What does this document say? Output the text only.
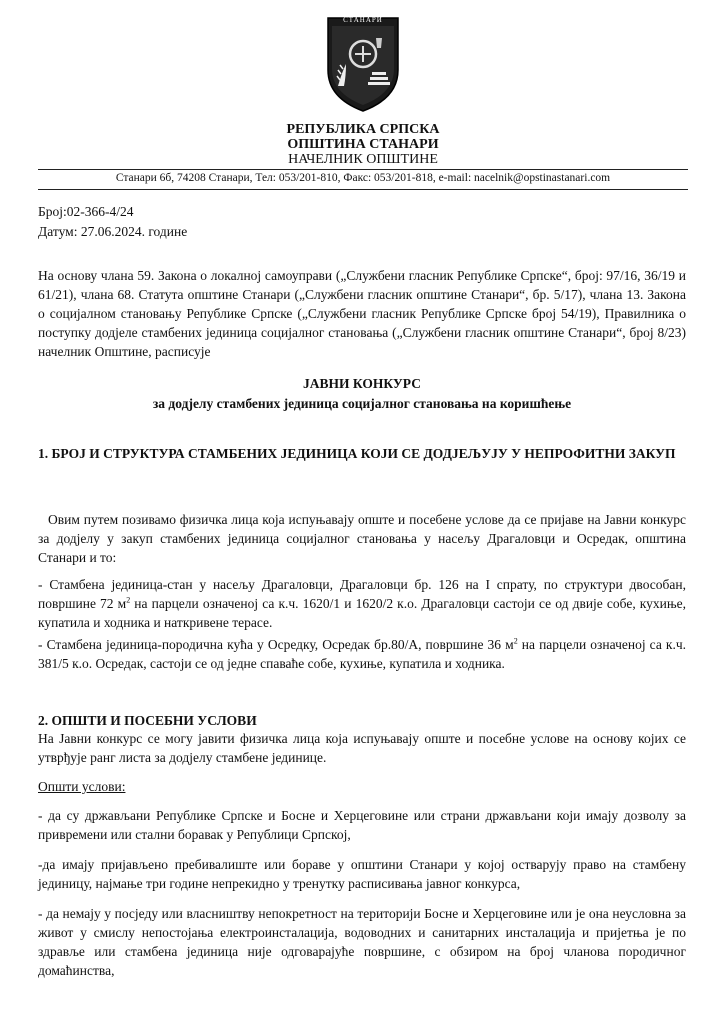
СТАНАРИ
РЕПУБЛИКА СРПСКА
ОПШТИНА СТАНАРИ
НАЧЕЛНИК ОПШТИНЕ
Станари 6б, 74208 Станари, Тел: 053/201-810, Факс: 053/201-818, e-mail: nacelnik@opstinastanari.com
Број:02-366-4/24
Датум: 27.06.2024. године

На основу члана 59. Закона о локалној самоуправи („Службени гласник Републике Српске“, број: 97/16, 36/19 и 61/21), члана 68. Статута општине Станари („Службени гласник општине Станари“, бр. 5/17), члана 13. Закона о социјалном становању Републике Српске („Службени гласник Републике Српске број 54/19), Правилника о поступку додјеле стамбених јединица социјалног становања („Службени гласник општине Станари“, број 8/23) начелник Општине, расписује

ЈАВНИ КОНКУРС
за додјелу стамбених јединица социјалног становања на коришћење
1. БРОЈ И СТРУКТУРА СТАМБЕНИХ ЈЕДИНИЦА КОЈИ СЕ ДОДЈЕЉУЈУ У НЕПРОФИТНИ ЗАКУП
Овим путем позивамо физичка лица која испуњавају опште и посебене услове да се пријаве на Јавни конкурс за додјелу у закуп стамбених јединица социјалног становања у насељу Драгаловци и Осредак, општина Станари и то:
- Стамбена јединица-стан у насељу Драгаловци, Драгаловци бр. 126 на I спрату, по структури двособан, површине 72 $м^2$ на парцели означеној са к.ч. 1620/1 и 1620/2 к.о. Драгаловци састоји се од двије собе, кухиње, купатила и ходника и наткривене терасе.
- Стамбена јединица-породична кућа у Осредку, Осредак бр.80/А, површине 36 $м^2$ на парцели означеној са к.ч. 381/5 к.о. Осредак, састоји се од једне спаваће собе, кухиње, купатила и ходника.
2. ОПШТИ И ПОСЕБНИ УСЛОВИ
На Јавни конкурс се могу јавити физичка лица која испуњавају опште и посебне услове на основу којих се утврђује ранг листа за додјелу стамбене јединице.
Општи услови:
- да су држављани Републике Српске и Босне и Херцеговине или страни држављани који имају дозволу за привремени или стални боравак у Републици Српској,
-да имају пријављено пребивалиште или бораве у општини Станари у којој остварују право на стамбену јединицу, најмање три године непрекидно у тренутку расписивања јавног конкурса,
- да немају у посједу или власништву непокретност на територији Босне и Херцеговине или је она неусловна за живот у смислу непостојања електроинсталација, водоводних и санитарних инсталација и пријетња је по здравље или стамбена јединица није одговарајуће површине, с обзиром на број чланова породичног домаћинства,
